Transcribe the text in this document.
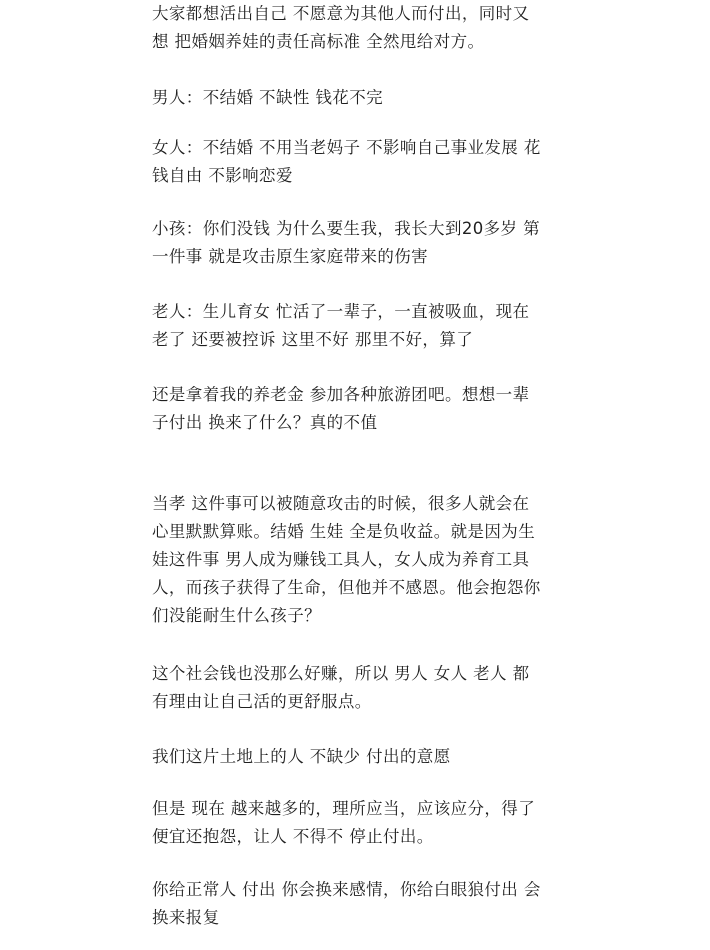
大家都想活出自己 不愿意为其他人而付出，同时又想 把婚姻养娃的责任高标准 全然甩给对方。

男人：不结婚 不缺性 钱花不完

女人：不结婚 不用当老妈子 不影响自己事业发展 花钱自由 不影响恋爱

小孩：你们没钱 为什么要生我，我长大到20多岁 第一件事 就是攻击原生家庭带来的伤害

老人：生儿育女 忙活了一辈子，一直被吸血，现在老了 还要被控诉 这里不好 那里不好，算了

还是拿着我的养老金 参加各种旅游团吧。想想一辈子付出 换来了什么？真的不值

当孝 这件事可以被随意攻击的时候，很多人就会在心里默默算账。结婚 生娃 全是负收益。就是因为生娃这件事 男人成为赚钱工具人，女人成为养育工具人，而孩子获得了生命，但他并不感恩。他会抱怨你们没能耐生什么孩子？

这个社会钱也没那么好赚，所以 男人 女人 老人 都有理由让自己活的更舒服点。

我们这片土地上的人 不缺少 付出的意愿

但是 现在 越来越多的，理所应当，应该应分，得了便宜还抱怨，让人 不得不 停止付出。

你给正常人 付出 你会换来感情，你给白眼狼付出 会换来报复
